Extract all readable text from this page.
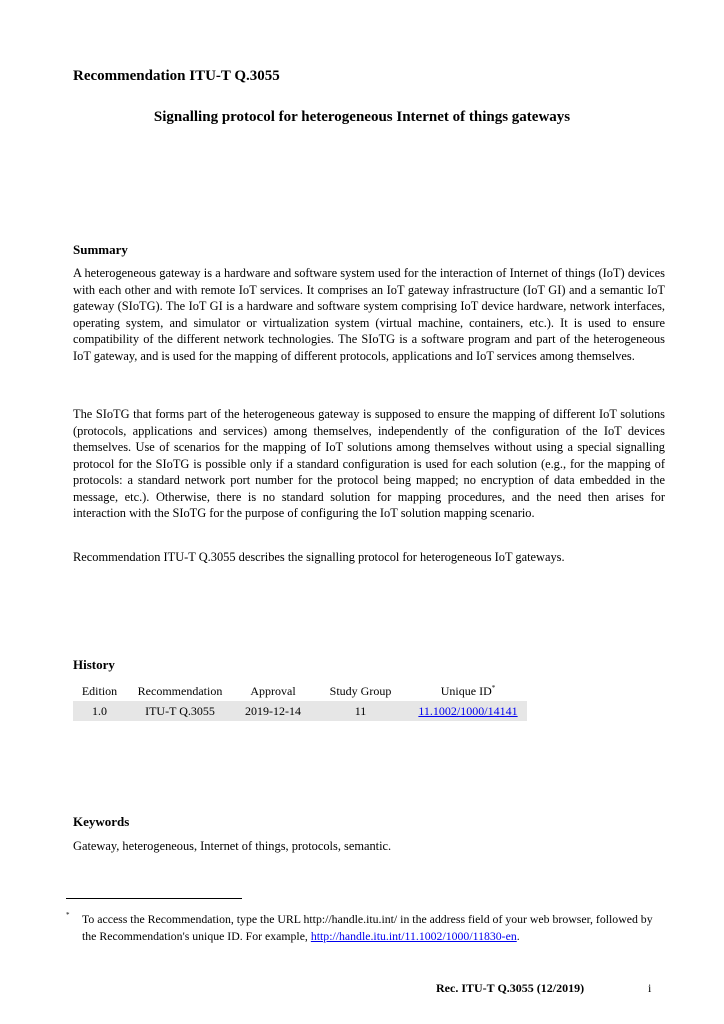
Recommendation ITU-T Q.3055
Signalling protocol for heterogeneous Internet of things gateways
Summary

A heterogeneous gateway is a hardware and software system used for the interaction of Internet of things (IoT) devices with each other and with remote IoT services. It comprises an IoT gateway infrastructure (IoT GI) and a semantic IoT gateway (SIoTG). The IoT GI is a hardware and software system comprising IoT device hardware, network interfaces, operating system, and simulator or virtualization system (virtual machine, containers, etc.). It is used to ensure compatibility of the different network technologies. The SIoTG is a software program and part of the heterogeneous IoT gateway, and is used for the mapping of different protocols, applications and IoT services among themselves.

The SIoTG that forms part of the heterogeneous gateway is supposed to ensure the mapping of different IoT solutions (protocols, applications and services) among themselves, independently of the configuration of the IoT devices themselves. Use of scenarios for the mapping of IoT solutions among themselves without using a special signalling protocol for the SIoTG is possible only if a standard configuration is used for each solution (e.g., for the mapping of protocols: a standard network port number for the protocol being mapped; no encryption of data embedded in the message, etc.). Otherwise, there is no standard solution for mapping procedures, and the need then arises for interaction with the SIoTG for the purpose of configuring the IoT solution mapping scenario.

Recommendation ITU-T Q.3055 describes the signalling protocol for heterogeneous IoT gateways.

History
Edition	Recommendation	Approval	Study Group	Unique ID*
1.0	ITU-T Q.3055	2019-12-14	11	11.1002/1000/14141
Keywords

Gateway, heterogeneous, Internet of things, protocols, semantic.

* To access the Recommendation, type the URL http://handle.itu.int/ in the address field of your web browser, followed by the Recommendation's unique ID. For example, http://handle.itu.int/11.1002/1000/11830-en.

Rec. ITU-T Q.3055 (12/2019)	i
